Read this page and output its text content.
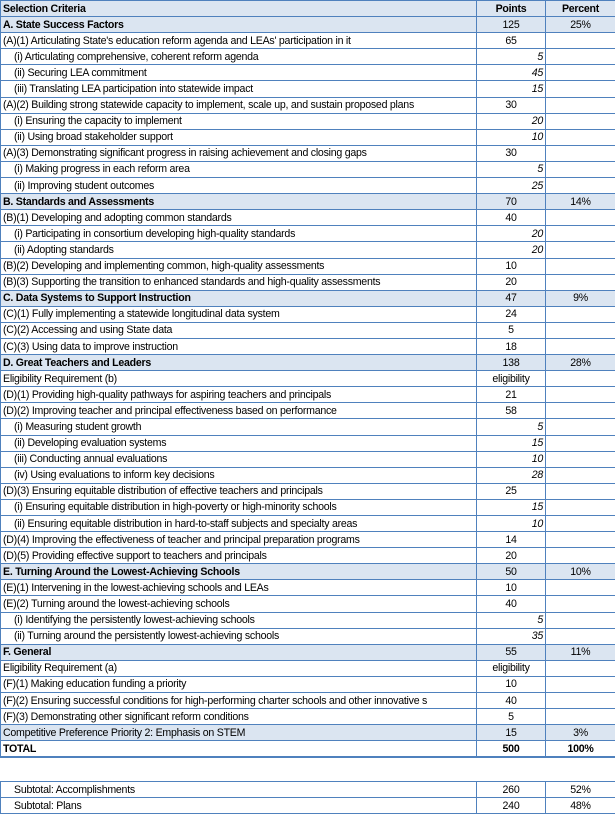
Selection Criteria	Points	Percent
A. State Success Factors	125	25%
(A)(1) Articulating State's education reform agenda and LEAs' participation in it	65	
(i) Articulating comprehensive, coherent reform agenda	5	
(ii) Securing LEA commitment	45	
(iii) Translating LEA participation into statewide impact	15	
(A)(2) Building strong statewide capacity to implement, scale up, and sustain proposed plans	30	
(i) Ensuring the capacity to implement	20	
(ii) Using broad stakeholder support	10	
(A)(3) Demonstrating significant progress in raising achievement and closing gaps	30	
(i) Making progress in each reform area	5	
(ii) Improving student outcomes	25	
B. Standards and Assessments	70	14%
(B)(1) Developing and adopting common standards	40	
(i) Participating in consortium developing high-quality standards	20	
(ii) Adopting standards	20	
(B)(2) Developing and implementing common, high-quality assessments	10	
(B)(3) Supporting the transition to enhanced standards and high-quality assessments	20	
C. Data Systems to Support Instruction	47	9%
(C)(1) Fully implementing a statewide longitudinal data system	24	
(C)(2) Accessing and using State data	5	
(C)(3) Using data to improve instruction	18	
D. Great Teachers and Leaders	138	28%
Eligibility Requirement (b)	eligibility	
(D)(1) Providing high-quality pathways for aspiring teachers and principals	21	
(D)(2) Improving teacher and principal effectiveness based on performance	58	
(i) Measuring student growth	5	
(ii) Developing evaluation systems	15	
(iii) Conducting annual evaluations	10	
(iv) Using evaluations to inform key decisions	28	
(D)(3) Ensuring equitable distribution of effective teachers and principals	25	
(i) Ensuring equitable distribution in high-poverty or high-minority schools	15	
(ii) Ensuring equitable distribution in hard-to-staff subjects and specialty areas	10	
(D)(4) Improving the effectiveness of teacher and principal preparation programs	14	
(D)(5) Providing effective support to teachers and principals	20	
E. Turning Around the Lowest-Achieving Schools	50	10%
(E)(1) Intervening in the lowest-achieving schools and LEAs	10	
(E)(2) Turning around the lowest-achieving schools	40	
(i) Identifying the persistently lowest-achieving schools	5	
(ii) Turning around the persistently lowest-achieving schools	35	
F. General	55	11%
Eligibility Requirement (a)	eligibility	
(F)(1) Making education funding a priority	10	
(F)(2) Ensuring successful conditions for high-performing charter schools and other innovative s	40	
(F)(3) Demonstrating other significant reform conditions	5	
Competitive Preference Priority 2: Emphasis on STEM	15	3%
TOTAL	500	100%
Subtotal: Accomplishments	260	52%
Subtotal: Plans	240	48%
